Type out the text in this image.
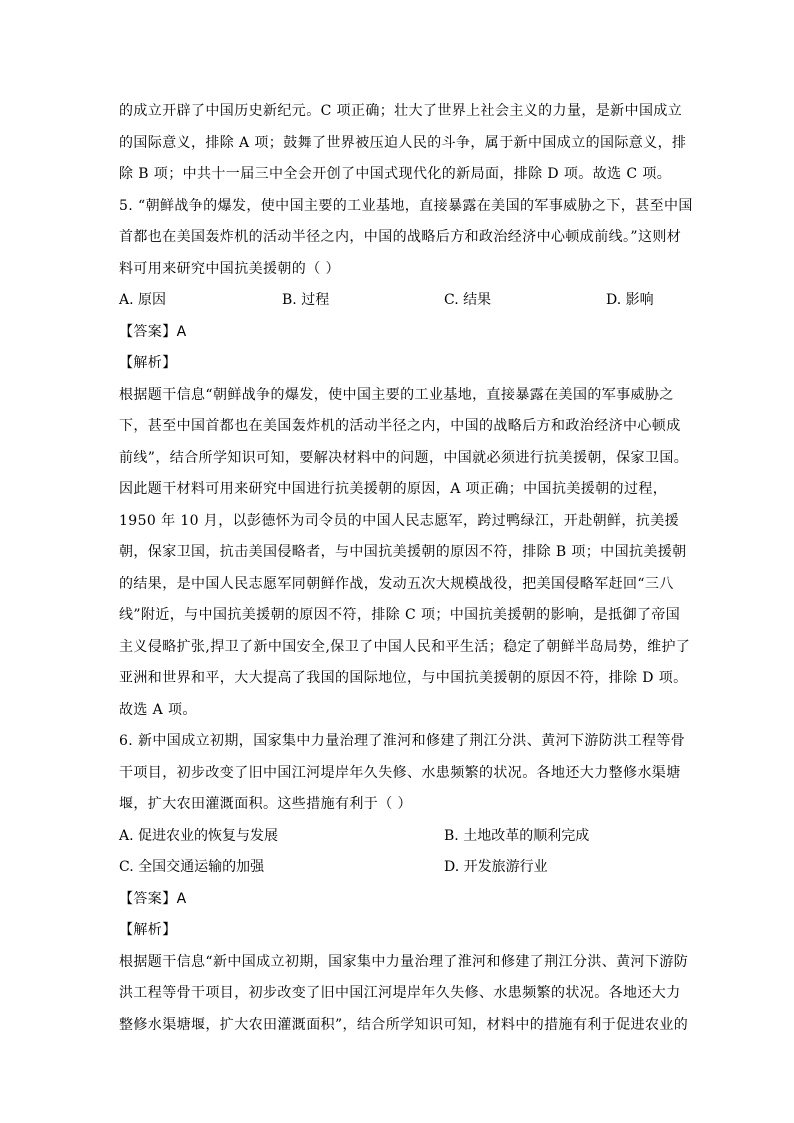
的成立开辟了中国历史新纪元。C 项正确；壮大了世界上社会主义的力量，是新中国成立
的国际意义，排除 A 项；鼓舞了世界被压迫人民的斗争，属于新中国成立的国际意义，排
除 B 项；中共十一届三中全会开创了中国式现代化的新局面，排除 D 项。故选 C 项。
5. “朝鲜战争的爆发，使中国主要的工业基地，直接暴露在美国的军事威胁之下，甚至中国
首都也在美国轰炸机的活动半径之内，中国的战略后方和政治经济中心顿成前线。”这则材
料可用来研究中国抗美援朝的（ ）
A. 原因	B. 过程	C. 结果	D. 影响
【答案】A
【解析】
根据题干信息“朝鲜战争的爆发，使中国主要的工业基地，直接暴露在美国的军事威胁之
下，甚至中国首都也在美国轰炸机的活动半径之内，中国的战略后方和政治经济中心顿成
前线”，结合所学知识可知，要解决材料中的问题，中国就必须进行抗美援朝，保家卫国。
因此题干材料可用来研究中国进行抗美援朝的原因，A 项正确；中国抗美援朝的过程，
1950 年 10 月，以彭德怀为司令员的中国人民志愿军，跨过鸭绿江，开赴朝鲜，抗美援
朝，保家卫国，抗击美国侵略者，与中国抗美援朝的原因不符，排除 B 项；中国抗美援朝
的结果，是中国人民志愿军同朝鲜作战，发动五次大规模战役，把美国侵略军赶回“三八
线”附近，与中国抗美援朝的原因不符，排除 C 项；中国抗美援朝的影响，是抵御了帝国
主义侵略扩张,捍卫了新中国安全,保卫了中国人民和平生活；稳定了朝鲜半岛局势，维护了
亚洲和世界和平，大大提高了我国的国际地位，与中国抗美援朝的原因不符，排除 D 项。
故选 A 项。
6. 新中国成立初期，国家集中力量治理了淮河和修建了荆江分洪、黄河下游防洪工程等骨
干项目，初步改变了旧中国江河堤岸年久失修、水患频繁的状况。各地还大力整修水渠塘
堰，扩大农田灌溉面积。这些措施有利于（ ）
A. 促进农业的恢复与发展	B. 土地改革的顺利完成
C. 全国交通运输的加强	D. 开发旅游行业
【答案】A
【解析】
根据题干信息“新中国成立初期，国家集中力量治理了淮河和修建了荆江分洪、黄河下游防
洪工程等骨干项目，初步改变了旧中国江河堤岸年久失修、水患频繁的状况。各地还大力
整修水渠塘堰，扩大农田灌溉面积”，结合所学知识可知，材料中的措施有利于促进农业的
